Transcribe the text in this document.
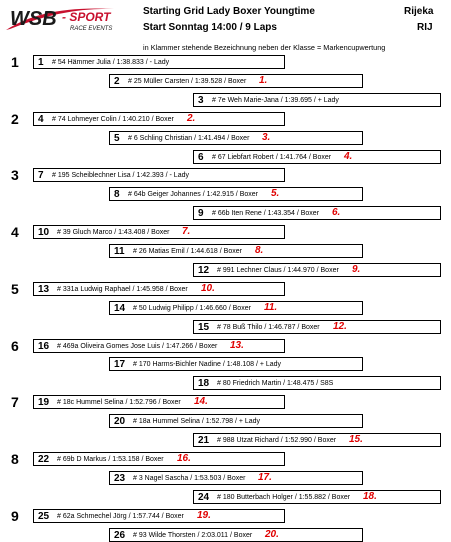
WSB - SPORT
RACE EVENTS
Starting Grid Lady Boxer Youngtime
Start Sonntag 14:00 / 9 Laps
Rijeka
RIJ
in Klammer stehende Bezeichnung neben der Klasse = Markencupwertung
1 # 54 Hämmer Julia / 1:38.833 / - Lady
2 # 25 Müller Carsten / 1:39.528 / Boxer 1.
3 # 7e Weh Marie-Jana / 1:39.695 / + Lady
4 # 74 Lohmeyer Colin / 1:40.210 / Boxer 2.
5 # 6 Schling Christian / 1:41.494 / Boxer 3.
6 # 67 Liebfart Robert / 1:41.764 / Boxer 4.
7 # 195 Scheiblechner Lisa / 1:42.393 / - Lady
8 # 64b Geiger Johannes / 1:42.915 / Boxer 5.
9 # 66b Iten Rene / 1:43.354 / Boxer 6.
10 # 39 Gluch Marco / 1:43.408 / Boxer 7.
11 # 26 Matias Emil / 1:44.618 / Boxer 8.
12 # 991 Lechner Claus / 1:44.970 / Boxer 9.
13 # 331a Ludwig Raphael / 1:45.958 / Boxer 10.
14 # 50 Ludwig Philipp / 1:46.660 / Boxer 11.
15 # 78 Buß Thilo / 1:46.787 / Boxer 12.
16 # 469a Oliveira Gomes Jose Luis / 1:47.266 / Boxer 13.
17 # 170 Harms-Bichler Nadine / 1:48.108 / + Lady
18 # 80 Friedrich Martin / 1:48.475 / S8S
19 # 18c Hummel Selina / 1:52.796 / Boxer 14.
20 # 18a Hummel Selina / 1:52.798 / + Lady
21 # 988 Utzat Richard / 1:52.990 / Boxer 15.
22 # 69b D Markus / 1:53.158 / Boxer 16.
23 # 3 Nagel Sascha / 1:53.503 / Boxer 17.
24 # 180 Butterbach Holger / 1:55.882 / Boxer 18.
25 # 62a Schmechel Jörg / 1:57.744 / Boxer 19.
26 # 93 Wilde Thorsten / 2:03.011 / Boxer 20.
1
2
3
4
5
6
7
8
9
